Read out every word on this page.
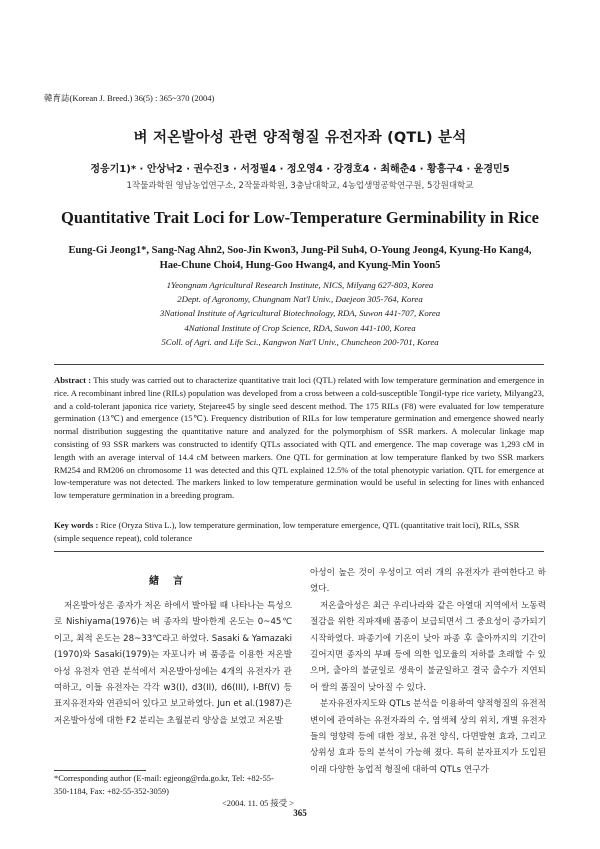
韓育誌(Korean J. Breed.) 36(5) : 365~370 (2004)
벼 저온발아성 관련 양적형질 유전자좌 (QTL) 분석
정응기1)* · 안상낙2 · 권수진3 · 서정필4 · 정오영4 · 강경호4 · 최해춘4 · 황흥구4 · 윤경민5
1작물과학원 영남농업연구소, 2작물과학원, 3충남대학교, 4농업생명공학연구원, 5강원대학교
Quantitative Trait Loci for Low-Temperature Germinability in Rice
Eung-Gi Jeong1*, Sang-Nag Ahn2, Soo-Jin Kwon3, Jung-Pil Suh4, O-Young Jeong4, Kyung-Ho Kang4,
Hae-Chune Choi4, Hung-Goo Hwang4, and Kyung-Min Yoon5
1Yeongnam Agricultural Research Institute, NICS, Milyang 627-803, Korea
2Dept. of Agronomy, Chungnam Nat'l Univ., Daejeon 305-764, Korea
3National Institute of Agricultural Biotechnology, RDA, Suwon 441-707, Korea
4National Institute of Crop Science, RDA, Suwon 441-100, Korea
5Coll. of Agri. and Life Sci., Kangwon Nat'l Univ., Chuncheon 200-701, Korea
Abstract : This study was carried out to characterize quantitative trait loci (QTL) related with low temperature germination and emergence in rice. A recombinant inbred line (RILs) population was developed from a cross between a cold-susceptible Tongil-type rice variety, Milyang23, and a cold-tolerant japonica rice variety, Stejaree45 by single seed descent method. The 175 RILs (F8) were evaluated for low temperature germination (13℃) and emergence (15℃). Frequency distribution of RILs for low temperature germination and emergence showed nearly normal distribution suggesting the quantitative nature and analyzed for the polymorphism of SSR markers. A molecular linkage map consisting of 93 SSR markers was constructed to identify QTLs associated with QTL and emergence. The map coverage was 1,293 cM in length with an average interval of 14.4 cM between markers. One QTL for germination at low temperature flanked by two SSR markers RM254 and RM206 on chromosome 11 was detected and this QTL explained 12.5% of the total phenotypic variation. QTL for emergence at low-temperature was not detected. The markers linked to low temperature germination would be useful in selecting for lines with enhanced low temperature germination in a breeding program.
Key words : Rice (Oryza Stiva L.), low temperature germination, low temperature emergence, QTL (quantitative trait loci), RILs, SSR (simple sequence repeat), cold tolerance
緖言

저온발아성은 종자가 저온 하에서 발아될 때 나타나는 특성으로 Nishiyama(1976)는 벼 종자의 발아한계 온도는 0~45℃이고, 최적 온도는 28~33℃라고 하였다. Sasaki & Yamazaki (1970)와 Sasaki(1979)는 자포니카 벼 품종을 이용한 저온발아성 유전자 연관 분석에서 저온발아성에는 4개의 유전자가 관여하고, 이들 유전자는 각각 w3(I), d3(II), d6(III), I-Bf(V) 등 표지유전자와 연관되어 있다고 보고하였다. Jun et al.(1987)은 저온발아성에 대한 F2 분리는 초월분리 양상을 보였고 저온발

아성이 높은 것이 우성이고 여러 개의 유전자가 관여한다고 하였다.

저온출아성은 최근 우리나라와 같은 아열대 지역에서 노동력 절감을 위한 직파재배 품종이 보급되면서 그 중요성이 증가되기 시작하였다. 파종기에 기온이 낮아 파종 후 출아까지의 기간이 길어지면 종자의 부패 등에 의한 입모율의 저하를 초래할 수 있으며, 출아의 불균일로 생육이 불균일하고 결국 출수가 지연되어 쌀의 품질이 낮아질 수 있다.

분자유전자지도와 QTLs 분석을 이용하여 양적형질의 유전적 변이에 관여하는 유전자좌의 수, 염색체 상의 위치, 개별 유전자들의 영향력 등에 대한 정보, 유전 양식, 다면발현 효과, 그리고 상위성 효과 등의 분석이 가능해 졌다. 특히 분자표지가 도입된 이래 다양한 농업적 형질에 대하여 QTLs 연구가

*Corresponding author (E-mail: egjeong@rda.go.kr, Tel: +82-55-
350-1184, Fax: +82-55-352-3059)
<2004. 11. 05 接受 >
365
